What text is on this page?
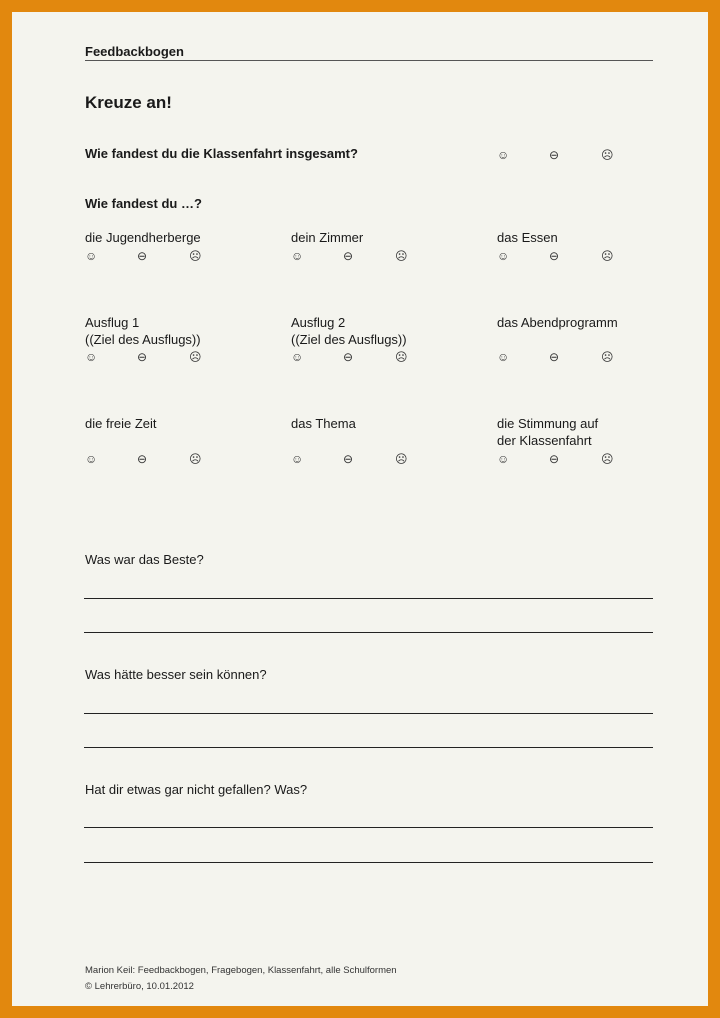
Feedbackbogen
Kreuze an!
Wie fandest du die Klassenfahrt insgesamt?	☺	⊖	☹
Wie fandest du …?
die Jugendherberge
☺	⊖	☹
dein Zimmer
☺	⊖	☹
das Essen
☺	⊖	☹
Ausflug 1
((Ziel des Ausflugs))
☺	⊖	☹
Ausflug 2
((Ziel des Ausflugs))
☺	⊖	☹
das Abendprogramm
☺	⊖	☹
die freie Zeit
☺	⊖	☹
das Thema
☺	⊖	☹
die Stimmung auf
der Klassenfahrt
☺	⊖	☹
Was war das Beste?
Was hätte besser sein können?
Hat dir etwas gar nicht gefallen? Was?
Marion Keil: Feedbackbogen, Fragebogen, Klassenfahrt, alle Schulformen
© Lehrerbüro, 10.01.2012
